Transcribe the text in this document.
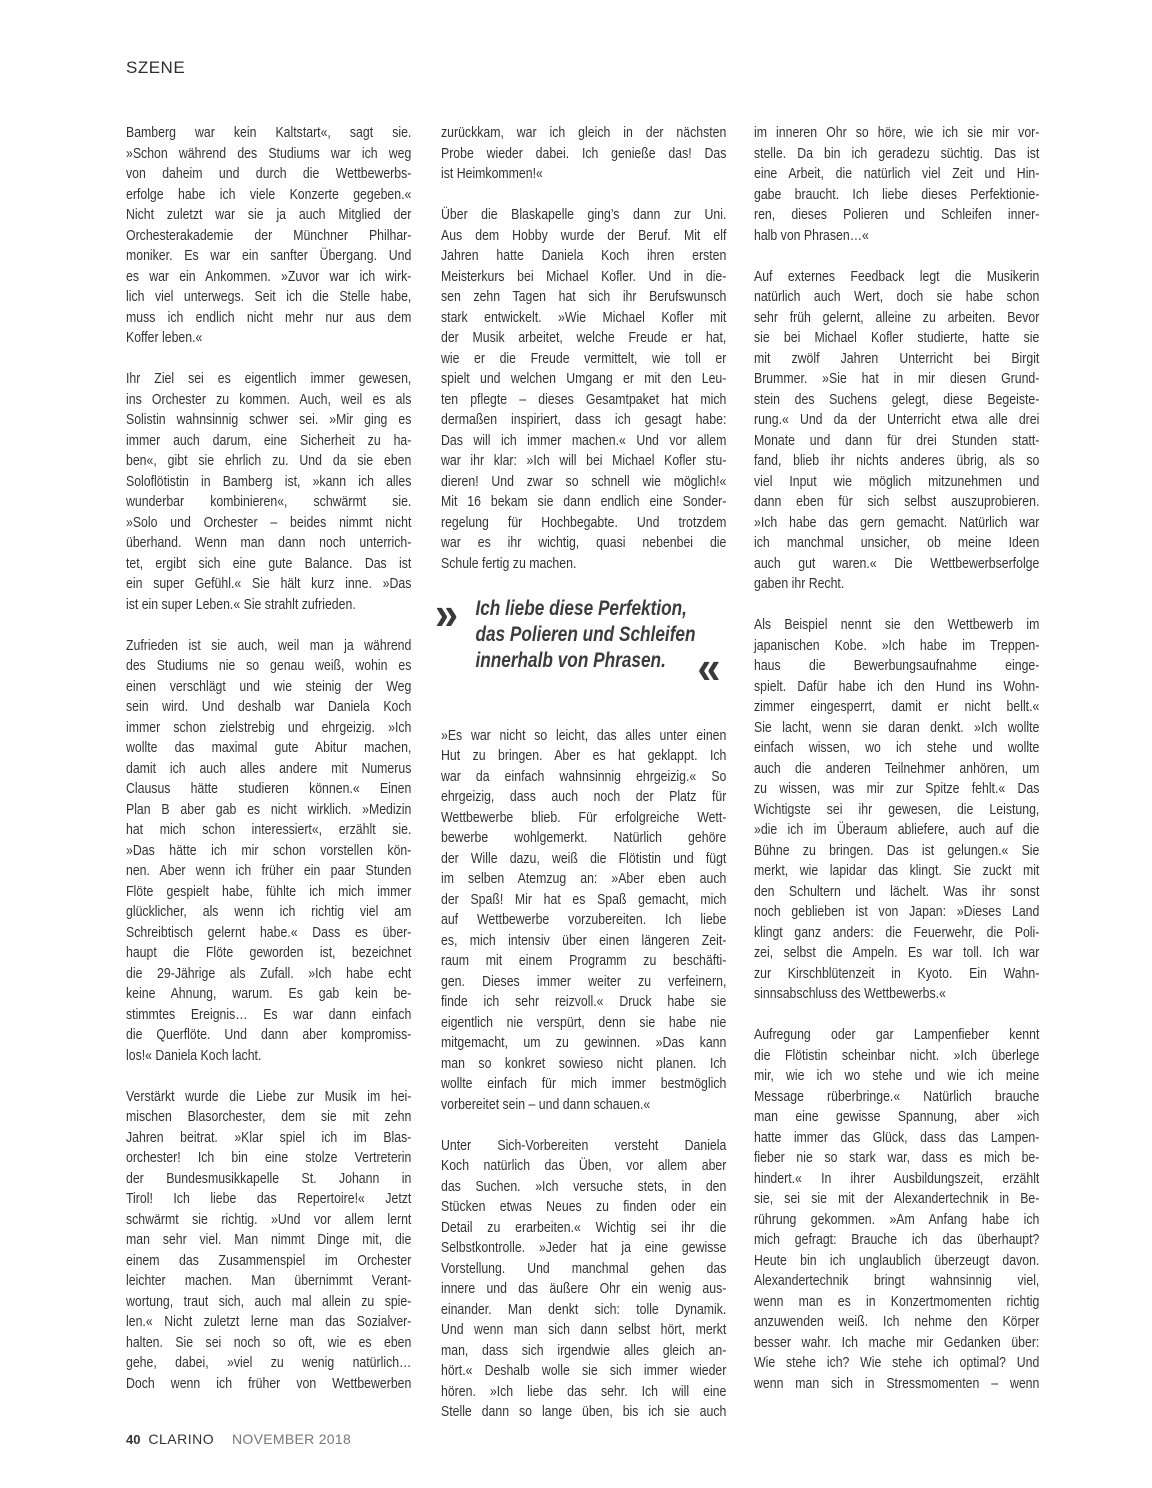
SZENE
Bamberg war kein Kaltstart«, sagt sie.
»Schon während des Studiums war ich weg
von daheim und durch die Wettbewerbs-
erfolge habe ich viele Konzerte gegeben.«
Nicht zuletzt war sie ja auch Mitglied der
Orchesterakademie der Münchner Philhar-
moniker. Es war ein sanfter Übergang. Und
es war ein Ankommen. »Zuvor war ich wirk-
lich viel unterwegs. Seit ich die Stelle habe,
muss ich endlich nicht mehr nur aus dem
Koffer leben.«
Ihr Ziel sei es eigentlich immer gewesen,
ins Orchester zu kommen. Auch, weil es als
Solistin wahnsinnig schwer sei. »Mir ging es
immer auch darum, eine Sicherheit zu ha-
ben«, gibt sie ehrlich zu. Und da sie eben
Soloflötistin in Bamberg ist, »kann ich alles
wunderbar kombinieren«, schwärmt sie.
»Solo und Orchester – beides nimmt nicht
überhand. Wenn man dann noch unterrich-
tet, ergibt sich eine gute Balance. Das ist
ein super Gefühl.« Sie hält kurz inne. »Das
ist ein super Leben.« Sie strahlt zufrieden.
Zufrieden ist sie auch, weil man ja während
des Studiums nie so genau weiß, wohin es
einen verschlägt und wie steinig der Weg
sein wird. Und deshalb war Daniela Koch
immer schon zielstrebig und ehrgeizig. »Ich
wollte das maximal gute Abitur machen,
damit ich auch alles andere mit Numerus
Clausus hätte studieren können.« Einen
Plan B aber gab es nicht wirklich. »Medizin
hat mich schon interessiert«, erzählt sie.
»Das hätte ich mir schon vorstellen kön-
nen. Aber wenn ich früher ein paar Stunden
Flöte gespielt habe, fühlte ich mich immer
glücklicher, als wenn ich richtig viel am
Schreibtisch gelernt habe.« Dass es über-
haupt die Flöte geworden ist, bezeichnet
die 29-Jährige als Zufall. »Ich habe echt
keine Ahnung, warum. Es gab kein be-
stimmtes Ereignis… Es war dann einfach
die Querflöte. Und dann aber kompromiss-
los!« Daniela Koch lacht.
Verstärkt wurde die Liebe zur Musik im hei-
mischen Blasorchester, dem sie mit zehn
Jahren beitrat. »Klar spiel ich im Blas-
orchester! Ich bin eine stolze Vertreterin
der Bundesmusikkapelle St. Johann in
Tirol! Ich liebe das Repertoire!« Jetzt
schwärmt sie richtig. »Und vor allem lernt
man sehr viel. Man nimmt Dinge mit, die
einem das Zusammenspiel im Orchester
leichter machen. Man übernimmt Verant-
wortung, traut sich, auch mal allein zu spie-
len.« Nicht zuletzt lerne man das Sozialver-
halten. Sie sei noch so oft, wie es eben
gehe, dabei, »viel zu wenig natürlich…
Doch wenn ich früher von Wettbewerben
zurückkam, war ich gleich in der nächsten
Probe wieder dabei. Ich genieße das! Das
ist Heimkommen!«
Über die Blaskapelle ging’s dann zur Uni.
Aus dem Hobby wurde der Beruf. Mit elf
Jahren hatte Daniela Koch ihren ersten
Meisterkurs bei Michael Kofler. Und in die-
sen zehn Tagen hat sich ihr Berufswunsch
stark entwickelt. »Wie Michael Kofler mit
der Musik arbeitet, welche Freude er hat,
wie er die Freude vermittelt, wie toll er
spielt und welchen Umgang er mit den Leu-
ten pflegte – dieses Gesamtpaket hat mich
dermaßen inspiriert, dass ich gesagt habe:
Das will ich immer machen.« Und vor allem
war ihr klar: »Ich will bei Michael Kofler stu-
dieren! Und zwar so schnell wie möglich!«
Mit 16 bekam sie dann endlich eine Sonder-
regelung für Hochbegabte. Und trotzdem
war es ihr wichtig, quasi nebenbei die
Schule fertig zu machen.
» Ich liebe diese Perfektion,
das Polieren und Schleifen
innerhalb von Phrasen. «
»Es war nicht so leicht, das alles unter einen
Hut zu bringen. Aber es hat geklappt. Ich
war da einfach wahnsinnig ehrgeizig.« So
ehrgeizig, dass auch noch der Platz für
Wettbewerbe blieb. Für erfolgreiche Wett-
bewerbe wohlgemerkt. Natürlich gehöre
der Wille dazu, weiß die Flötistin und fügt
im selben Atemzug an: »Aber eben auch
der Spaß! Mir hat es Spaß gemacht, mich
auf Wettbewerbe vorzubereiten. Ich liebe
es, mich intensiv über einen längeren Zeit-
raum mit einem Programm zu beschäfti-
gen. Dieses immer weiter zu verfeinern,
finde ich sehr reizvoll.« Druck habe sie
eigentlich nie verspürt, denn sie habe nie
mitgemacht, um zu gewinnen. »Das kann
man so konkret sowieso nicht planen. Ich
wollte einfach für mich immer bestmöglich
vorbereitet sein – und dann schauen.«
Unter Sich-Vorbereiten versteht Daniela
Koch natürlich das Üben, vor allem aber
das Suchen. »Ich versuche stets, in den
Stücken etwas Neues zu finden oder ein
Detail zu erarbeiten.« Wichtig sei ihr die
Selbstkontrolle. »Jeder hat ja eine gewisse
Vorstellung. Und manchmal gehen das
innere und das äußere Ohr ein wenig aus-
einander. Man denkt sich: tolle Dynamik.
Und wenn man sich dann selbst hört, merkt
man, dass sich irgendwie alles gleich an-
hört.« Deshalb wolle sie sich immer wieder
hören. »Ich liebe das sehr. Ich will eine
Stelle dann so lange üben, bis ich sie auch
im inneren Ohr so höre, wie ich sie mir vor-
stelle. Da bin ich geradezu süchtig. Das ist
eine Arbeit, die natürlich viel Zeit und Hin-
gabe braucht. Ich liebe dieses Perfektionie-
ren, dieses Polieren und Schleifen inner-
halb von Phrasen…«
Auf externes Feedback legt die Musikerin
natürlich auch Wert, doch sie habe schon
sehr früh gelernt, alleine zu arbeiten. Bevor
sie bei Michael Kofler studierte, hatte sie
mit zwölf Jahren Unterricht bei Birgit
Brummer. »Sie hat in mir diesen Grund-
stein des Suchens gelegt, diese Begeiste-
rung.« Und da der Unterricht etwa alle drei
Monate und dann für drei Stunden statt-
fand, blieb ihr nichts anderes übrig, als so
viel Input wie möglich mitzunehmen und
dann eben für sich selbst auszuprobieren.
»Ich habe das gern gemacht. Natürlich war
ich manchmal unsicher, ob meine Ideen
auch gut waren.« Die Wettbewerbserfolge
gaben ihr Recht.
Als Beispiel nennt sie den Wettbewerb im
japanischen Kobe. »Ich habe im Treppen-
haus die Bewerbungsaufnahme einge-
spielt. Dafür habe ich den Hund ins Wohn-
zimmer eingesperrt, damit er nicht bellt.«
Sie lacht, wenn sie daran denkt. »Ich wollte
einfach wissen, wo ich stehe und wollte
auch die anderen Teilnehmer anhören, um
zu wissen, was mir zur Spitze fehlt.« Das
Wichtigste sei ihr gewesen, die Leistung,
»die ich im Überaum abliefere, auch auf die
Bühne zu bringen. Das ist gelungen.« Sie
merkt, wie lapidar das klingt. Sie zuckt mit
den Schultern und lächelt. Was ihr sonst
noch geblieben ist von Japan: »Dieses Land
klingt ganz anders: die Feuerwehr, die Poli-
zei, selbst die Ampeln. Es war toll. Ich war
zur Kirschblütenzeit in Kyoto. Ein Wahn-
sinnsabschluss des Wettbewerbs.«
Aufregung oder gar Lampenfieber kennt
die Flötistin scheinbar nicht. »Ich überlege
mir, wie ich wo stehe und wie ich meine
Message rüberbringe.« Natürlich brauche
man eine gewisse Spannung, aber »ich
hatte immer das Glück, dass das Lampen-
fieber nie so stark war, dass es mich be-
hindert.« In ihrer Ausbildungszeit, erzählt
sie, sei sie mit der Alexandertechnik in Be-
rührung gekommen. »Am Anfang habe ich
mich gefragt: Brauche ich das überhaupt?
Heute bin ich unglaublich überzeugt davon.
Alexandertechnik bringt wahnsinnig viel,
wenn man es in Konzertmomenten richtig
anzuwenden weiß. Ich nehme den Körper
besser wahr. Ich mache mir Gedanken über:
Wie stehe ich? Wie stehe ich optimal? Und
wenn man sich in Stressmomenten – wenn
40 CLARINO NOVEMBER 2018
